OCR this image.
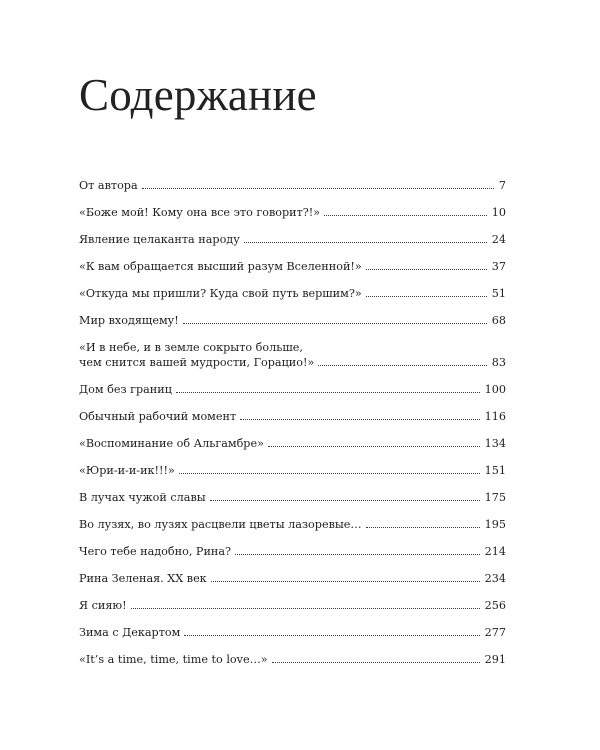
Содержание
От автора	7
«Боже мой! Кому она все это говорит?!»	10
Явление целаканта народу	24
«К вам обращается высший разум Вселенной!»	37
«Откуда мы пришли? Куда свой путь вершим?»	51
Мир входящему!	68
«И в небе, и в земле сокрыто больше,
чем снится вашей мудрости, Горацио!»	83
Дом без границ	100
Обычный рабочий момент	116
«Воспоминание об Альгамбре»	134
«Юри-и-и-ик!!!»	151
В лучах чужой славы	175
Во лузях, во лузях расцвели цветы лазоревые…	195
Чего тебе надобно, Рина?	214
Рина Зеленая. XX век	234
Я сияю!	256
Зима с Декартом	277
«It’s a time, time, time to love…»	291
